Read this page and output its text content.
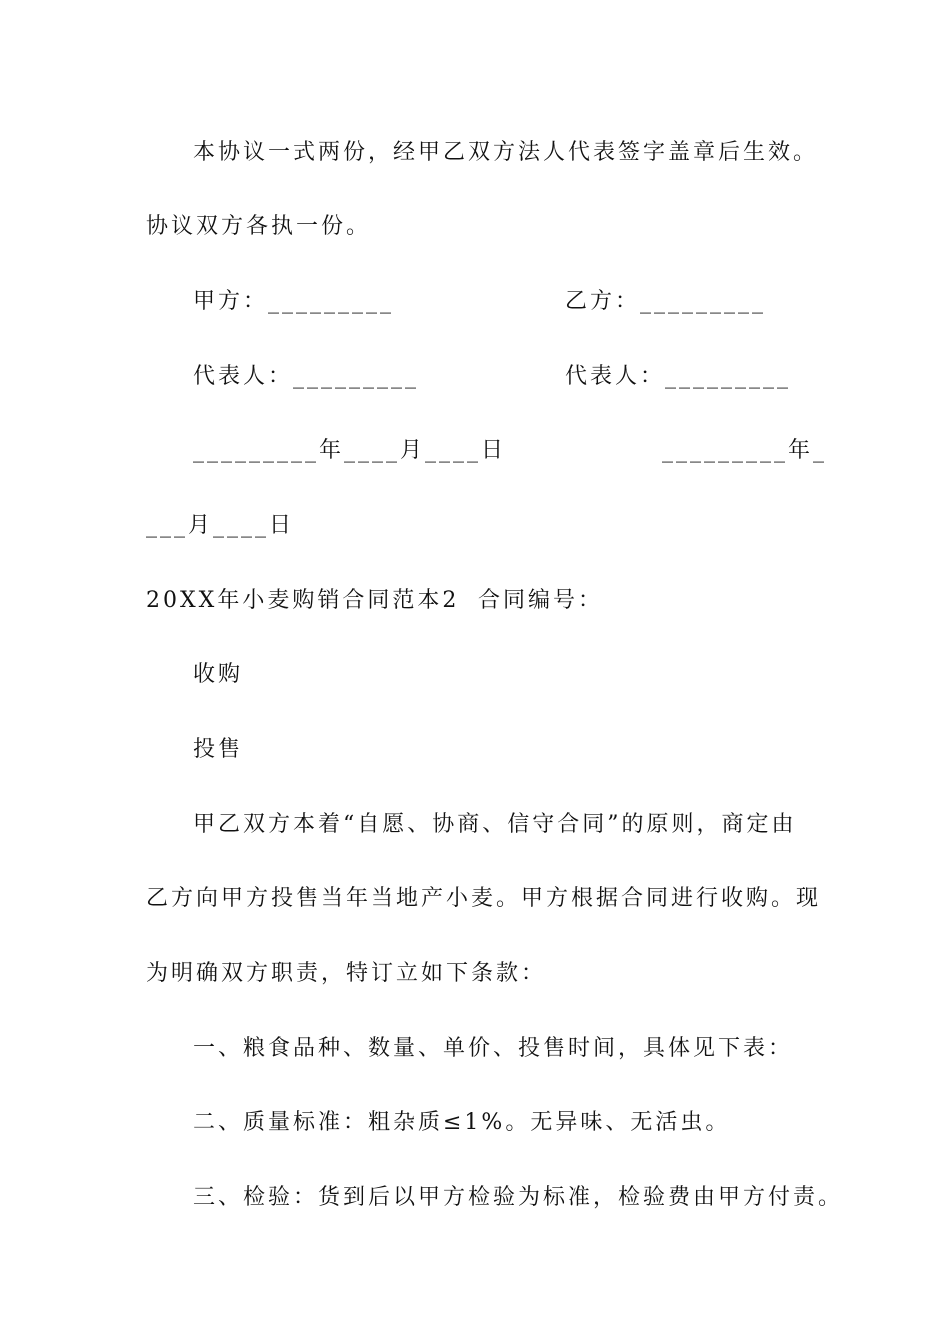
本协议一式两份，经甲乙双方法人代表签字盖章后生效。
协议双方各执一份。
甲方：_________	乙方：_________
代表人：_________	代表人：_________
_________年____月____日	_________年_
___月____日
20XX年小麦购销合同范本2 合同编号：
收购
投售
甲乙双方本着“自愿、协商、信守合同”的原则，商定由
乙方向甲方投售当年当地产小麦。甲方根据合同进行收购。现
为明确双方职责，特订立如下条款：
一、粮食品种、数量、单价、投售时间，具体见下表：
二、质量标准：粗杂质≤1%。无异味、无活虫。
三、检验：货到后以甲方检验为标准，检验费由甲方付责。
